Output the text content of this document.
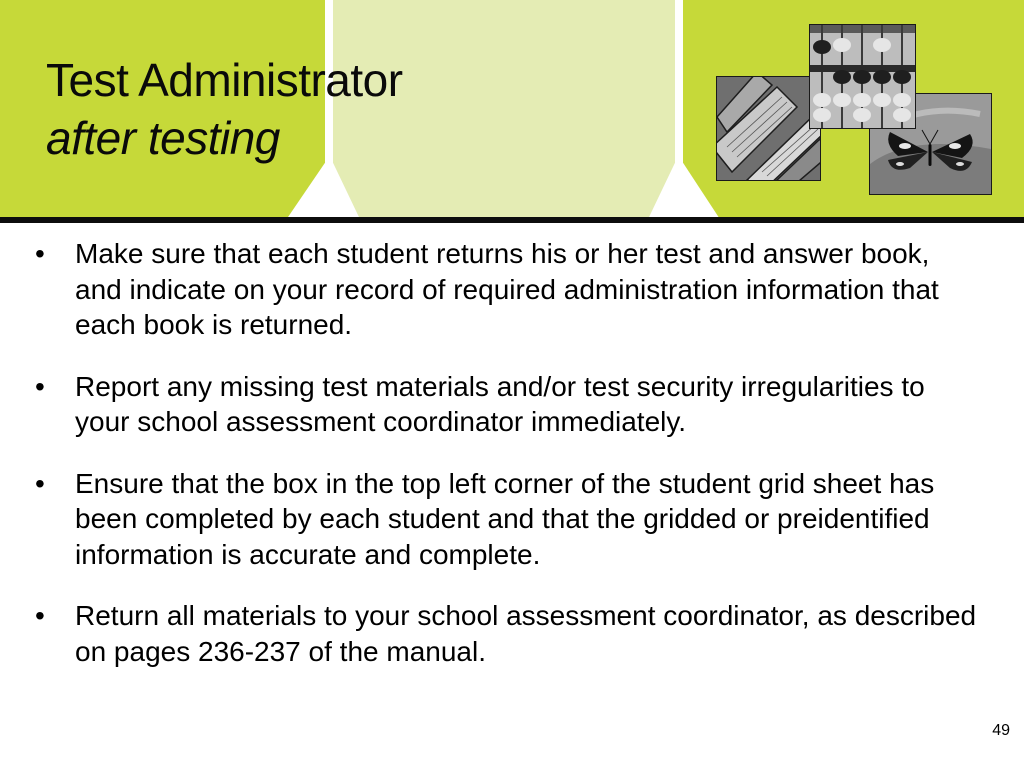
Test Administrator
after testing
• Make sure that each student returns his or her test and answer book, and indicate on your record of required administration information that each book is returned.
• Report any missing test materials and/or test security irregularities to your school assessment coordinator immediately.
• Ensure that the box in the top left corner of the student grid sheet has been completed by each student and that the gridded or preidentified information is accurate and complete.
• Return all materials to your school assessment coordinator, as described on pages 236-237 of the manual.
49
